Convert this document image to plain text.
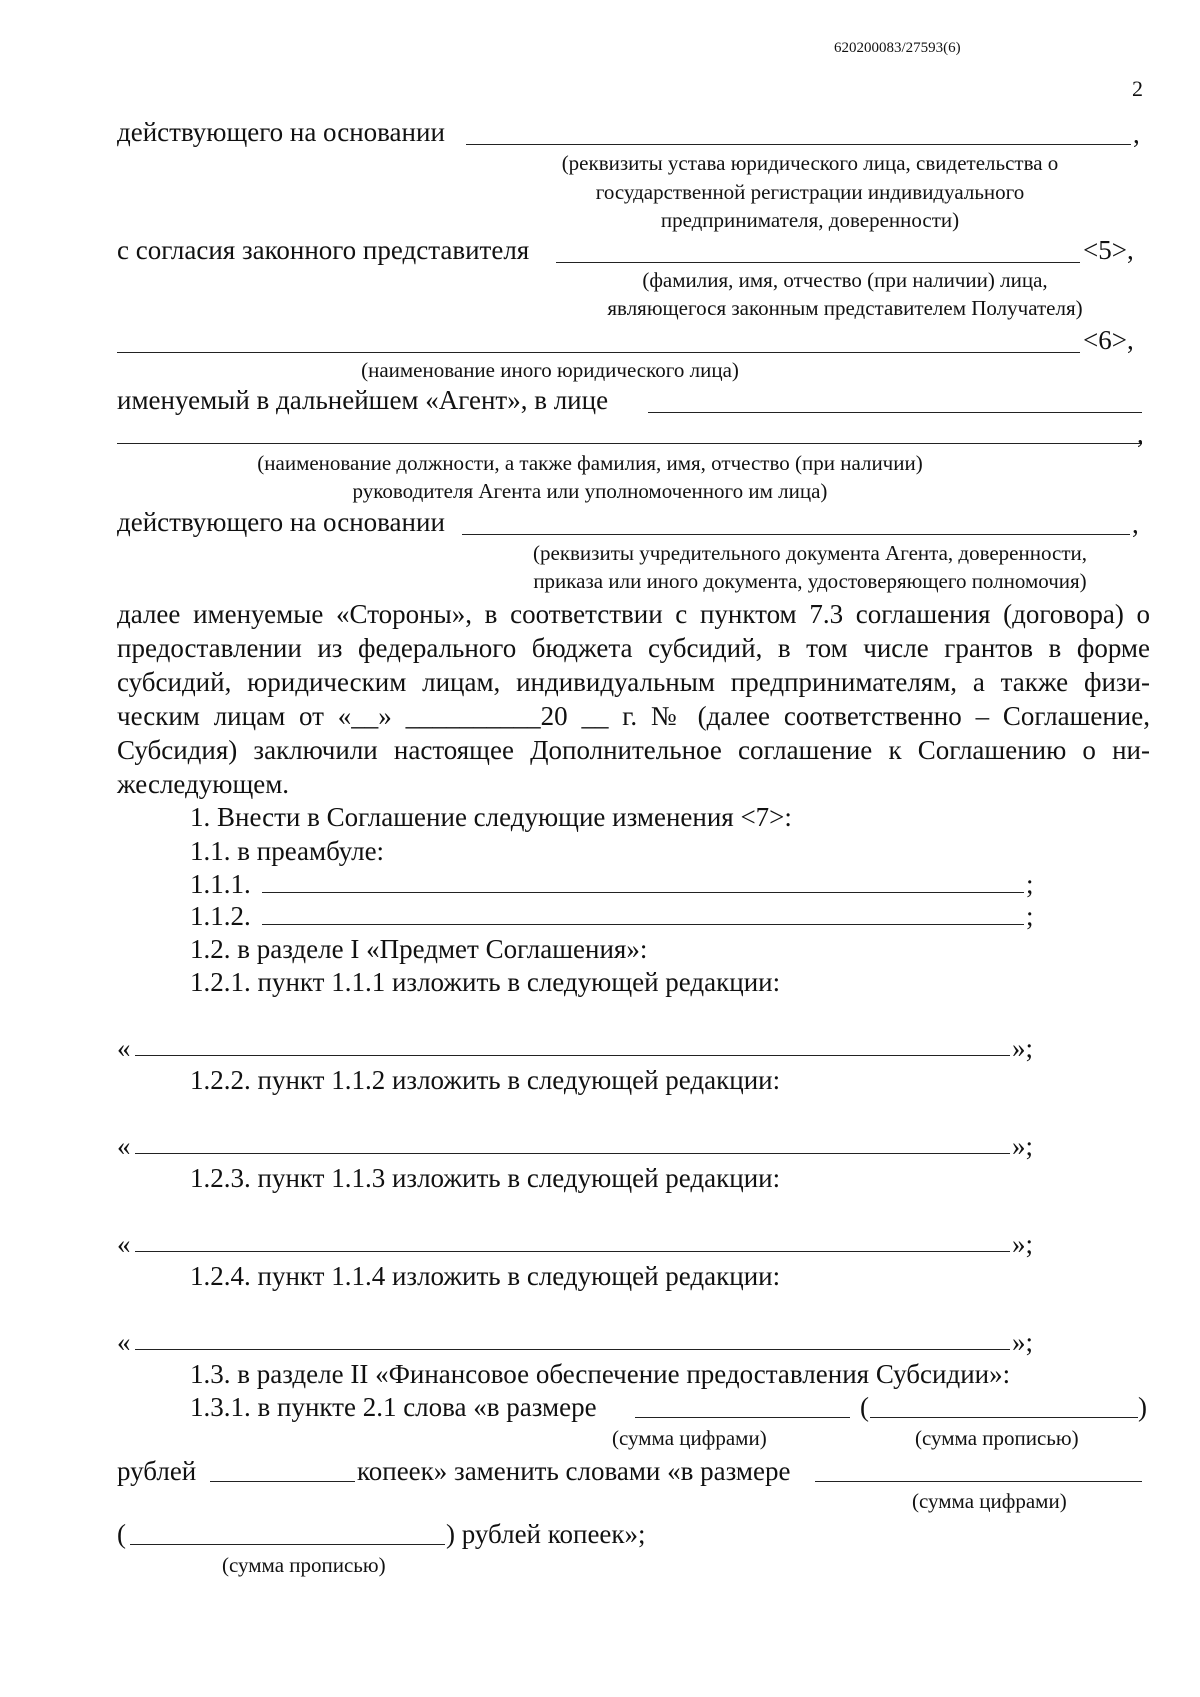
620200083/27593(6)
2
действующего на основании	,
(реквизиты устава юридического лица, свидетельства о
государственной регистрации индивидуального
предпринимателя, доверенности)
с согласия законного представителя	<5>,
(фамилия, имя, отчество (при наличии) лица,
являющегося законным представителем Получателя)
<6>,
(наименование иного юридического лица)
именуемый в дальнейшем «Агент», в лице
,
(наименование должности, а также фамилия, имя, отчество (при наличии)
руководителя Агента или уполномоченного им лица)
действующего на основании	,
(реквизиты учредительного документа Агента, доверенности,
приказа или иного документа, удостоверяющего полномочия)
далее именуемые «Стороны», в соответствии с пунктом 7.3 соглашения (договора) о
предоставлении из федерального бюджета субсидий, в том числе грантов в форме
субсидий, юридическим лицам, индивидуальным предпринимателям, а также физи-
ческим лицам от «__» __________20 __ г. № (далее соответственно – Соглашение,
Субсидия) заключили настоящее Дополнительное соглашение к Соглашению о ни-
жеследующем.
1. Внести в Соглашение следующие изменения <7>:
1.1. в преамбуле:
1.1.1.	;
1.1.2.	;
1.2. в разделе I «Предмет Соглашения»:
1.2.1. пункт 1.1.1 изложить в следующей редакции:
«	»;
1.2.2. пункт 1.1.2 изложить в следующей редакции:
«	»;
1.2.3. пункт 1.1.3 изложить в следующей редакции:
«	»;
1.2.4. пункт 1.1.4 изложить в следующей редакции:
«	»;
1.3. в разделе II «Финансовое обеспечение предоставления Субсидии»:
1.3.1. в пункте 2.1 слова «в размере	(	)
(сумма цифрами)	(сумма прописью)
рублей	копеек» заменить словами «в размере
(сумма цифрами)
(	) рублей копеек»;
(сумма прописью)
